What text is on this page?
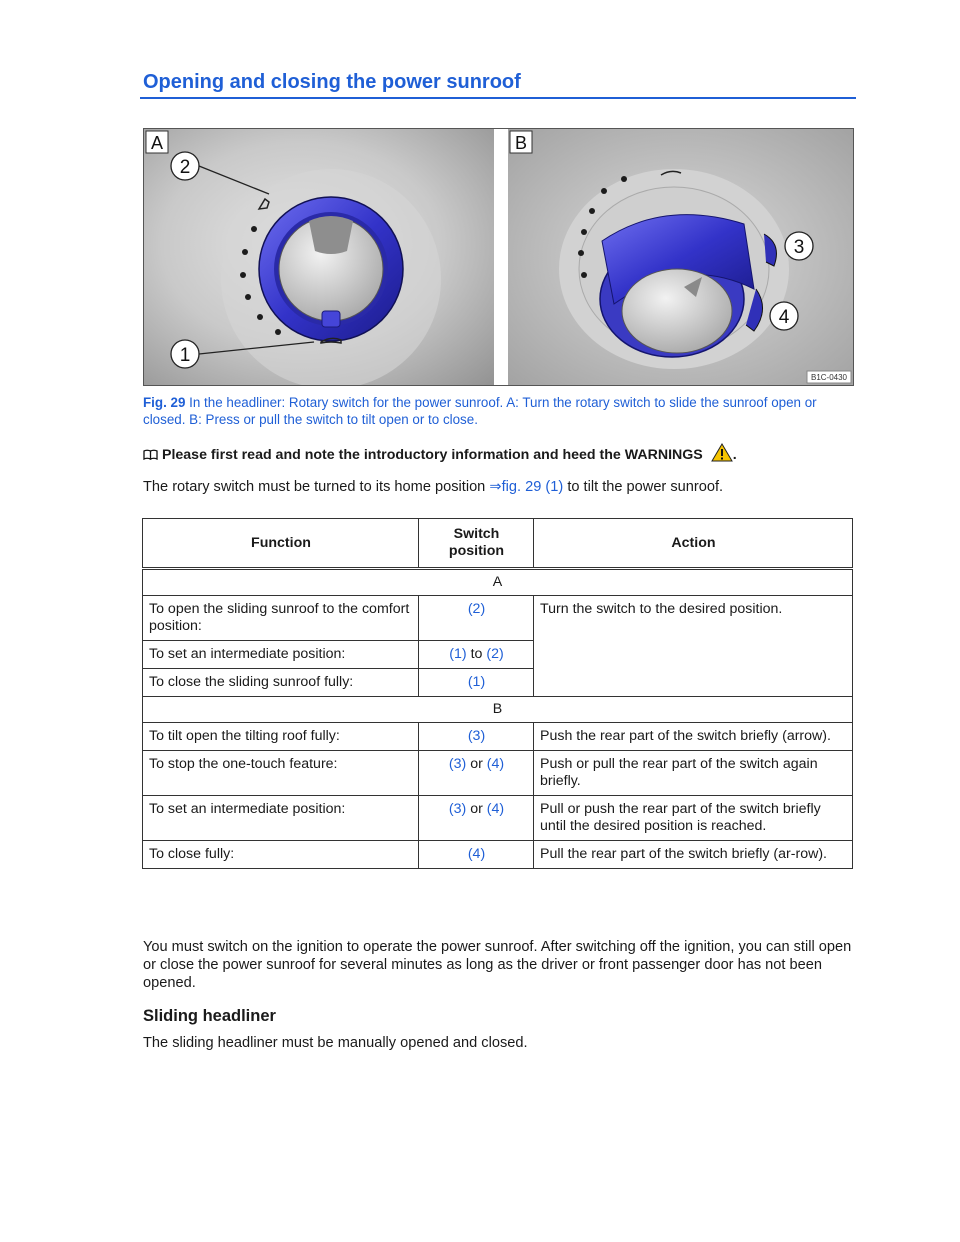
Opening and closing the power sunroof
2
1
A
3
4
B
B1C-0430
Fig. 29 In the headliner: Rotary switch for the power sunroof. A: Turn the rotary switch to slide the sunroof open or closed. B: Press or pull the switch to tilt open or to close.
Please first read and note the introductory information and heed the WARNINGS .
The rotary switch must be turned to its home position ⇒fig. 29 (1) to tilt the power sunroof.
Function	Switch position	Action
A		
To open the sliding sunroof to the comfort position:	(2)	Turn the switch to the desired position.
To set an intermediate position:	(1) to (2)	
To close the sliding sunroof fully:	(1)	
B		
To tilt open the tilting roof fully:	(3)	Push the rear part of the switch briefly (arrow).
To stop the one-touch feature:	(3) or (4)	Push or pull the rear part of the switch again briefly.
To set an intermediate position:	(3) or (4)	Pull or push the rear part of the switch briefly until the desired position is reached.
To close fully:	(4)	Pull the rear part of the switch briefly (ar-row).
You must switch on the ignition to operate the power sunroof. After switching off the ignition, you can still open or close the power sunroof for several minutes as long as the driver or front passenger door has not been opened.
Sliding headliner
The sliding headliner must be manually opened and closed.
